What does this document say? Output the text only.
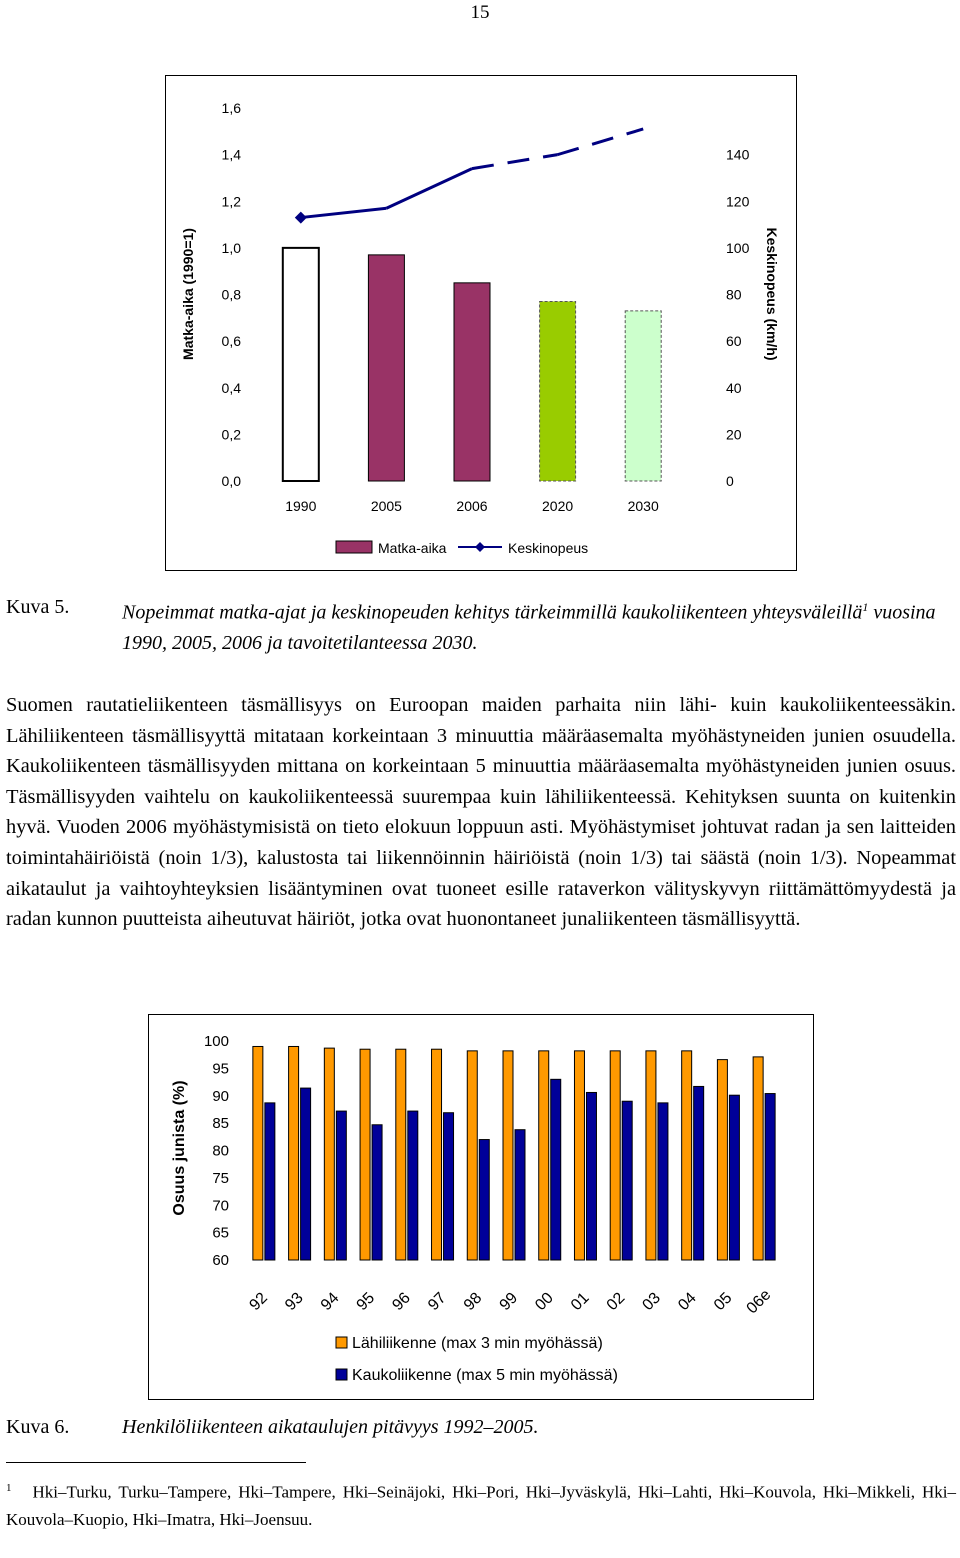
15
0,0
0,2
0,4
0,6
0,8
1,0
1,2
1,4
1,6
0
20
40
60
80
100
120
140
Matka-aika (1990=1)	Keskinopeus (km/h)
1990	2005	2006	2020	2030
Matka-aika	Keskinopeus
Kuva 5.	Nopeimmat matka-ajat ja keskinopeuden kehitys tärkeimmillä kaukoliikenteen yhteysväleillä$^1$ vuosina 1990, 2005, 2006 ja tavoitetilanteessa 2030.

Suomen rautatieliikenteen täsmällisyys on Euroopan maiden parhaita niin lähi- kuin kaukoliikenteessäkin. Lähiliikenteen täsmällisyyttä mitataan korkeintaan 3 minuuttia määräasemalta myöhästyneiden junien osuudella. Kaukoliikenteen täsmällisyyden mittana on korkeintaan 5 minuuttia määräasemalta myöhästyneiden junien osuus. Täsmällisyyden vaihtelu on kaukoliikenteessä suurempaa kuin lähiliikenteessä. Kehityksen suunta on kuitenkin hyvä. Vuoden 2006 myöhästymisistä on tieto elokuun loppuun asti. Myöhästymiset johtuvat radan ja sen laitteiden toimintahäiriöistä (noin 1/3), kalustosta tai liikennöinnin häiriöistä (noin 1/3) tai säästä (noin 1/3). Nopeammat aikataulut ja vaihtoyhteyksien lisääntyminen ovat tuoneet esille rataverkon välityskyvyn riittämättömyydestä ja radan kunnon puutteista aiheutuvat häiriöt, jotka ovat huonontaneet junaliikenteen täsmällisyyttä.

60
65
70
75
80
85
90
95
100
Osuus junista (%)
92 93 94 95 96 97 98 99 00 01 02 03 04 05 06e
Lähiliikenne (max 3 min myöhässä)
Kaukoliikenne (max 5 min myöhässä)
Kuva 6.	Henkilöliikenteen aikataulujen pitävyys 1992–2005.
$^1$ Hki–Turku, Turku–Tampere, Hki–Tampere, Hki–Seinäjoki, Hki–Pori, Hki–Jyväskylä, Hki–Lahti, Hki–Kouvola, Hki–Mikkeli, Hki–Kouvola–Kuopio, Hki–Imatra, Hki–Joensuu.
